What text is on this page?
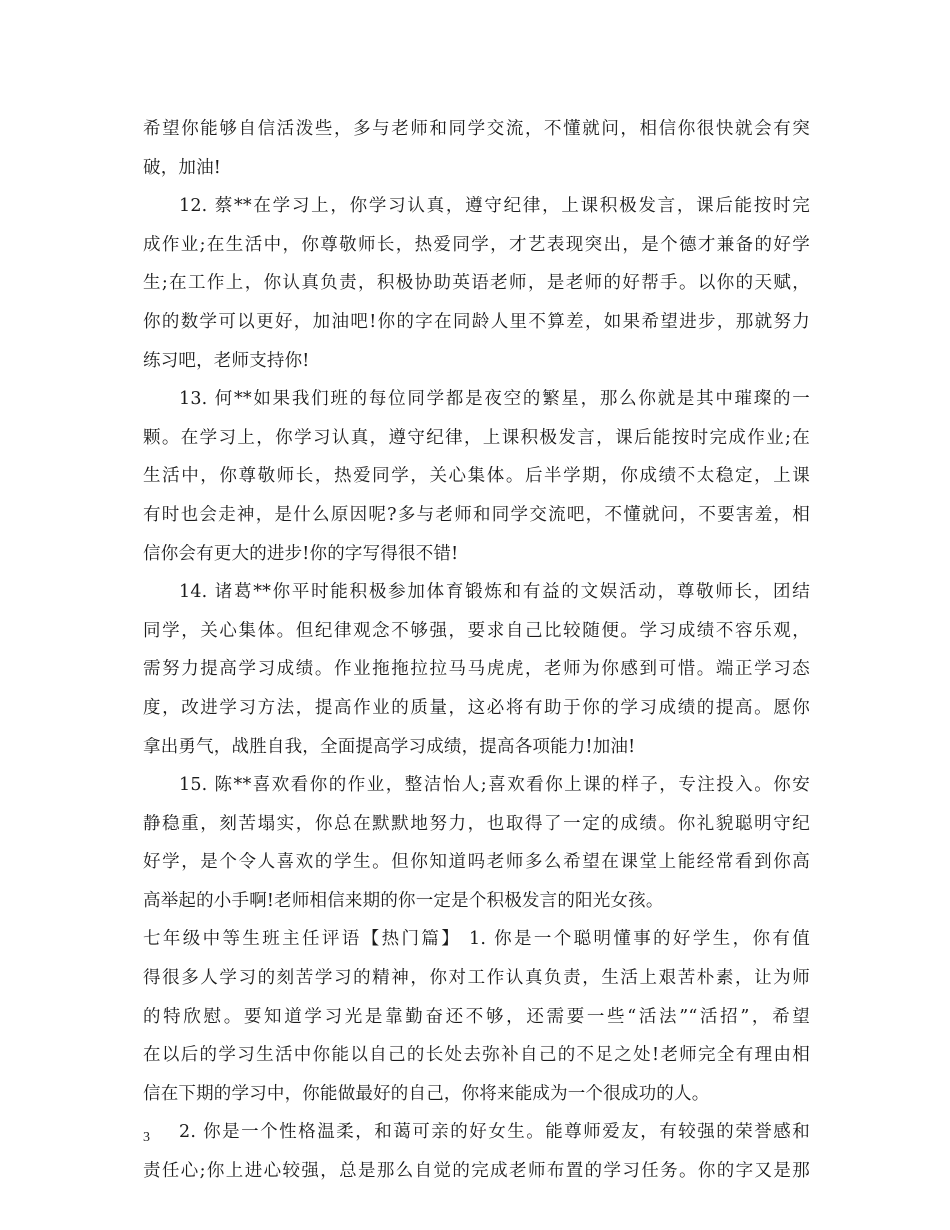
希望你能够自信活泼些，多与老师和同学交流，不懂就问，相信你很快就会有突
破，加油!
12. 蔡**在学习上，你学习认真，遵守纪律，上课积极发言，课后能按时完
成作业;在生活中，你尊敬师长，热爱同学，才艺表现突出，是个德才兼备的好学
生;在工作上，你认真负责，积极协助英语老师，是老师的好帮手。以你的天赋，
你的数学可以更好，加油吧!你的字在同龄人里不算差，如果希望进步，那就努力
练习吧，老师支持你!
13. 何**如果我们班的每位同学都是夜空的繁星，那么你就是其中璀璨的一
颗。在学习上，你学习认真，遵守纪律，上课积极发言，课后能按时完成作业;在
生活中，你尊敬师长，热爱同学，关心集体。后半学期，你成绩不太稳定，上课
有时也会走神，是什么原因呢?多与老师和同学交流吧，不懂就问，不要害羞，相
信你会有更大的进步!你的字写得很不错!
14. 诸葛**你平时能积极参加体育锻炼和有益的文娱活动，尊敬师长，团结
同学，关心集体。但纪律观念不够强，要求自己比较随便。学习成绩不容乐观，
需努力提高学习成绩。作业拖拖拉拉马马虎虎，老师为你感到可惜。端正学习态
度，改进学习方法，提高作业的质量，这必将有助于你的学习成绩的提高。愿你
拿出勇气，战胜自我，全面提高学习成绩，提高各项能力!加油!
15. 陈**喜欢看你的作业，整洁怡人;喜欢看你上课的样子，专注投入。你安
静稳重，刻苦塌实，你总在默默地努力，也取得了一定的成绩。你礼貌聪明守纪
好学，是个令人喜欢的学生。但你知道吗老师多么希望在课堂上能经常看到你高
高举起的小手啊!老师相信来期的你一定是个积极发言的阳光女孩。
七年级中等生班主任评语【热门篇】 1. 你是一个聪明懂事的好学生，你有值
得很多人学习的刻苦学习的精神，你对工作认真负责，生活上艰苦朴素，让为师
的特欣慰。要知道学习光是靠勤奋还不够，还需要一些“活法”“活招”，希望
在以后的学习生活中你能以自己的长处去弥补自己的不足之处!老师完全有理由相
信在下期的学习中，你能做最好的自己，你将来能成为一个很成功的人。
2. 你是一个性格温柔，和蔼可亲的好女生。能尊师爱友，有较强的荣誉感和
责任心;你上进心较强，总是那么自觉的完成老师布置的学习任务。你的字又是那
3
